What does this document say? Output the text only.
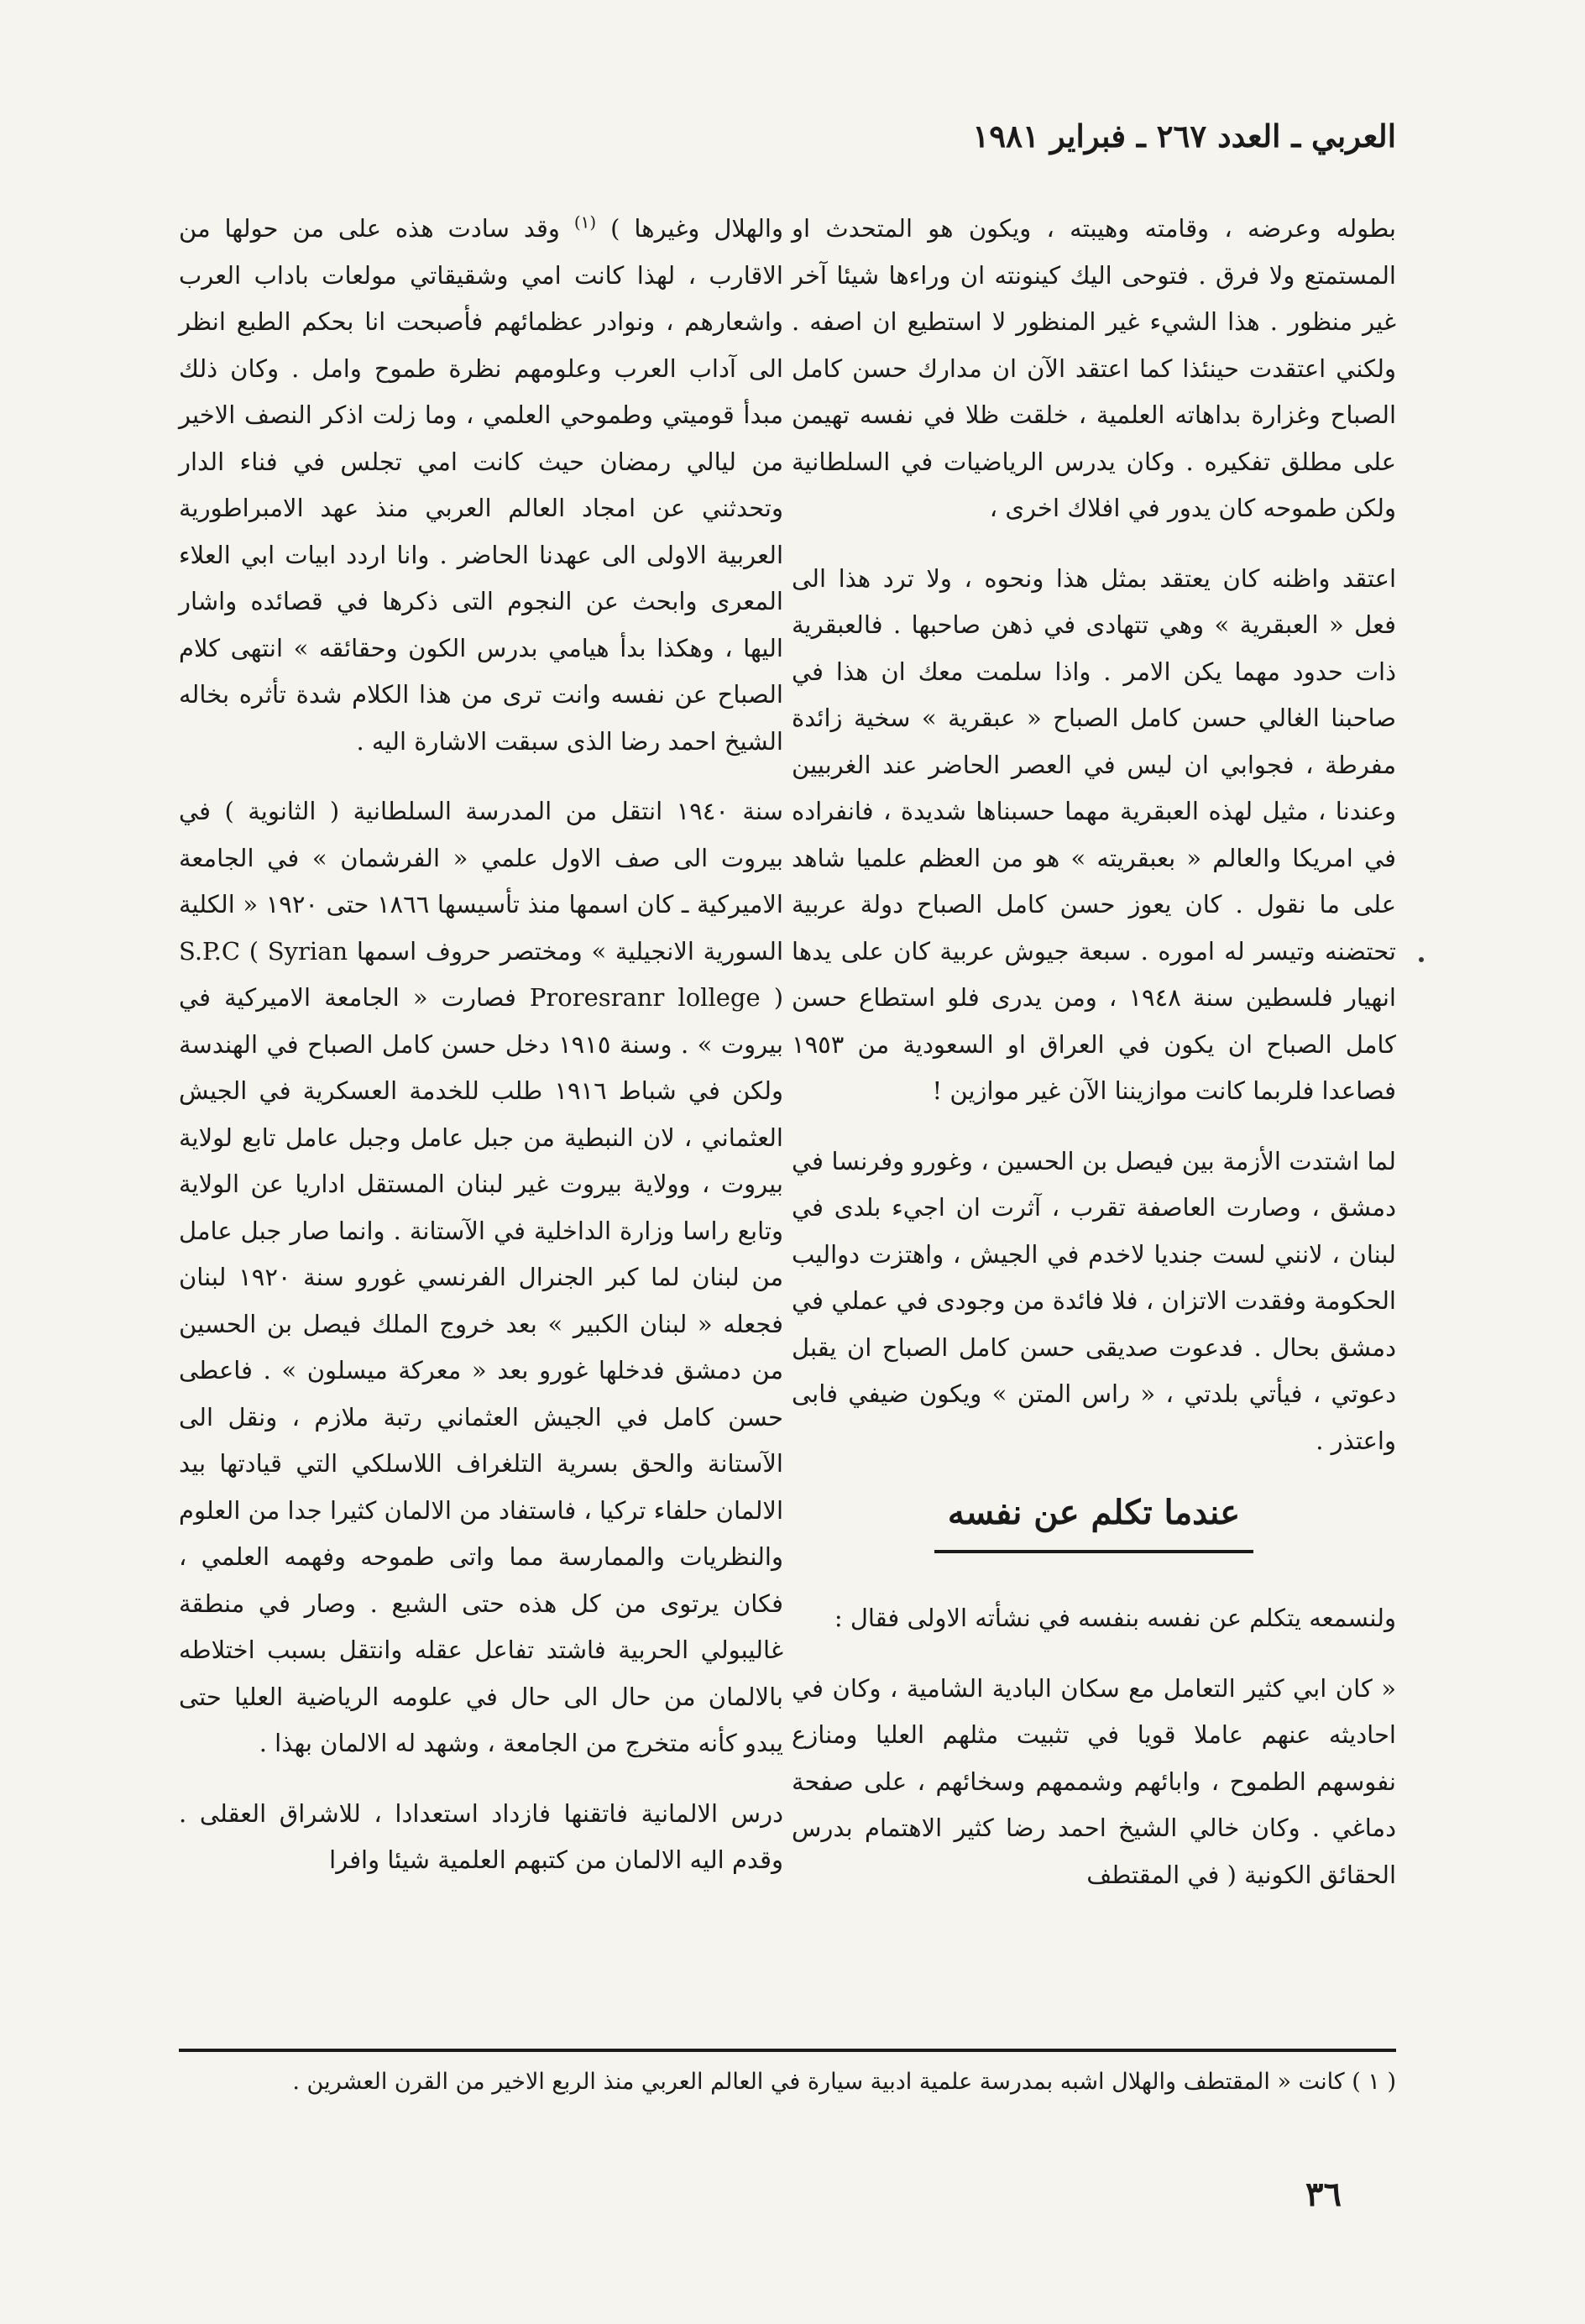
العربي ـ العدد ٢٦٧ ـ فبراير ١٩٨١

بطوله وعرضه ، وقامته وهيبته ، ويكون هو المتحدث او المستمتع ولا فرق . فتوحى اليك كينونته ان وراءها شيئا آخر غير منظور . هذا الشيء غير المنظور لا استطيع ان اصفه . ولكني اعتقدت حينئذا كما اعتقد الآن ان مدارك حسن كامل الصباح وغزارة بداهاته العلمية ، خلقت ظلا في نفسه تهيمن على مطلق تفكيره . وكان يدرس الرياضيات في السلطانية ولكن طموحه كان يدور في افلاك اخرى ،

اعتقد واظنه كان يعتقد بمثل هذا ونحوه ، ولا ترد هذا الى فعل « العبقرية » وهي تتهادى في ذهن صاحبها . فالعبقرية ذات حدود مهما يكن الامر . واذا سلمت معك ان هذا في صاحبنا الغالي حسن كامل الصباح « عبقرية » سخية زائدة مفرطة ، فجوابي ان ليس في العصر الحاضر عند الغربيين وعندنا ، مثيل لهذه العبقرية مهما حسبناها شديدة ، فانفراده في امريكا والعالم « بعبقريته » هو من العظم علميا شاهد على ما نقول . كان يعوز حسن كامل الصباح دولة عربية تحتضنه وتيسر له اموره . سبعة جيوش عربية كان على يدها انهيار فلسطين سنة ١٩٤٨ ، ومن يدرى فلو استطاع حسن كامل الصباح ان يكون في العراق او السعودية من ١٩٥٣ فصاعدا فلربما كانت موازيننا الآن غير موازين !

لما اشتدت الأزمة بين فيصل بن الحسين ، وغورو وفرنسا في دمشق ، وصارت العاصفة تقرب ، آثرت ان اجيء بلدى في لبنان ، لانني لست جنديا لاخدم في الجيش ، واهتزت دواليب الحكومة وفقدت الاتزان ، فلا فائدة من وجودى في عملي في دمشق بحال . فدعوت صديقى حسن كامل الصباح ان يقبل دعوتي ، فيأتي بلدتي ، « راس المتن » ويكون ضيفي فابى واعتذر .

عندما تكلم عن نفسه

ولنسمعه يتكلم عن نفسه بنفسه في نشأته الاولى فقال :

« كان ابي كثير التعامل مع سكان البادية الشامية ، وكان في احاديثه عنهم عاملا قويا في تثبيت مثلهم العليا ومنازع نفوسهم الطموح ، وابائهم وشممهم وسخائهم ، على صفحة دماغي . وكان خالي الشيخ احمد رضا كثير الاهتمام بدرس الحقائق الكونية ( في المقتطف

والهلال وغيرها ) $^{(١)}$ وقد سادت هذه على من حولها من الاقارب ، لهذا كانت امي وشقيقاتي مولعات باداب العرب واشعارهم ، ونوادر عظمائهم فأصبحت انا بحكم الطبع انظر الى آداب العرب وعلومهم نظرة طموح وامل . وكان ذلك مبدأ قوميتي وطموحي العلمي ، وما زلت اذكر النصف الاخير من ليالي رمضان حيث كانت امي تجلس في فناء الدار وتحدثني عن امجاد العالم العربي منذ عهد الامبراطورية العربية الاولى الى عهدنا الحاضر . وانا اردد ابيات ابي العلاء المعرى وابحث عن النجوم التى ذكرها في قصائده واشار اليها ، وهكذا بدأ هيامي بدرس الكون وحقائقه » انتهى كلام الصباح عن نفسه وانت ترى من هذا الكلام شدة تأثره بخاله الشيخ احمد رضا الذى سبقت الاشارة اليه .

سنة ١٩٤٠ انتقل من المدرسة السلطانية ( الثانوية ) في بيروت الى صف الاول علمي « الفرشمان » في الجامعة الاميركية ـ كان اسمها منذ تأسيسها ١٨٦٦ حتى ١٩٢٠ « الكلية السورية الانجيلية » ومختصر حروف اسمها S.P.C ( Syrian Proresranr lollege ) فصارت « الجامعة الاميركية في بيروت » . وسنة ١٩١٥ دخل حسن كامل الصباح في الهندسة ولكن في شباط ١٩١٦ طلب للخدمة العسكرية في الجيش العثماني ، لان النبطية من جبل عامل وجبل عامل تابع لولاية بيروت ، وولاية بيروت غير لبنان المستقل اداريا عن الولاية وتابع راسا وزارة الداخلية في الآستانة . وانما صار جبل عامل من لبنان لما كبر الجنرال الفرنسي غورو سنة ١٩٢٠ لبنان فجعله « لبنان الكبير » بعد خروج الملك فيصل بن الحسين من دمشق فدخلها غورو بعد « معركة ميسلون » . فاعطى حسن كامل في الجيش العثماني رتبة ملازم ، ونقل الى الآستانة والحق بسرية التلغراف اللاسلكي التي قيادتها بيد الالمان حلفاء تركيا ، فاستفاد من الالمان كثيرا جدا من العلوم والنظريات والممارسة مما واتى طموحه وفهمه العلمي ، فكان يرتوى من كل هذه حتى الشبع . وصار في منطقة غاليبولي الحربية فاشتد تفاعل عقله وانتقل بسبب اختلاطه بالالمان من حال الى حال في علومه الرياضية العليا حتى يبدو كأنه متخرج من الجامعة ، وشهد له الالمان بهذا .

درس الالمانية فاتقنها فازداد استعدادا ، للاشراق العقلى . وقدم اليه الالمان من كتبهم العلمية شيئا وافرا

( ١ ) كانت « المقتطف والهلال اشبه بمدرسة علمية ادبية سيارة في العالم العربي منذ الربع الاخير من القرن العشرين .
٣٦
